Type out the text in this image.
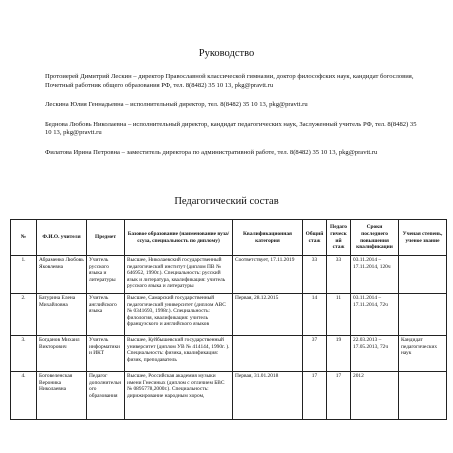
Руководство

Протоиерей Димитрий Лескин – директор Православной классической гимназии, доктор философских наук, кандидат богословия, Почетный работник общего образования РФ, тел. 8(8482) 35 10 13, pkg@pravtt.ru

Лескина Юлия Геннадьевна – исполнительный директор, тел. 8(8482) 35 10 13, pkg@pravtt.ru

Беднова Любовь Николаевна – исполнительный директор, кандидат педагогических наук, Заслуженный учитель РФ, тел. 8(8482) 35 10 13, pkg@pravtt.ru

Филатова Ирина Петровна – заместитель директора по административной работе, тел. 8(8482) 35 10 13, pkg@pravtt.ru

Педагогический состав
№	Ф.И.О. учителя	Предмет	Базовое образование (наименование вуза/ссуза, специальность по диплому)	Квалификационная категория	Общий стаж	Педагогический стаж	Сроки последнего повышения квалификации	Ученая степень, ученое звание
1.	Абраменко Любовь Яковлевна	Учитель русского языка и литературы	Высшее, Николаевский государственный педагогический институт (диплом ПВ № 646952, 1990г.). Специальность: русский язык и литература, квалификация: учитель русского языка и литературы	Соответствует, 17.11.2019	33	33	03.11.2014 – 17.11.2014, 120ч	
2.	Батурина Елена Михайловна	Учитель английского языка	Высшее, Самарский государственный педагогический университет (диплом АВС № 0341693, 1998г.). Специальность: филология, квалификация: учитель французского и английского языков	Первая, 28.12.2015	14	11	03.11.2014 – 17.11.2014, 72ч	
3.	Богданов Михаил Викторович	Учитель информатики и ИКТ	Высшее, Куйбышевский государственный университет (диплом УВ № 414144, 1990г. ). Специальность: физика, квалификация: физик, преподаватель		37	19	22.03.2013 – 17.05.2013, 72ч	Кандидат педагогических наук
4.	Боговеленская Вероника Николаевна	Педагог дополнительного образования	Высшее, Российская академия музыки имени Гнесиных (диплом с отличием БВС № 0895778,2000г.). Специальность: дирижирование народным хором,	Первая, 31.01.2018	17	17	2012	
